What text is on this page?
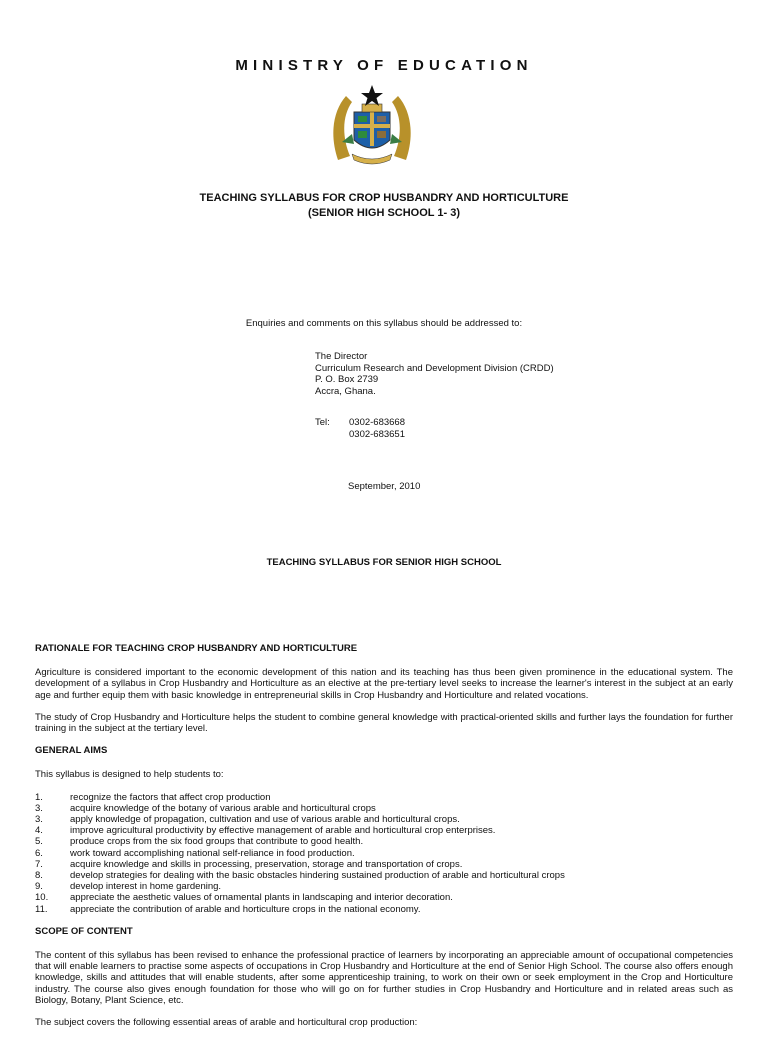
MINISTRY OF EDUCATION
TEACHING SYLLABUS FOR CROP HUSBANDRY AND HORTICULTURE
(SENIOR HIGH SCHOOL 1- 3)
Enquiries and comments on this syllabus should be addressed to:
The Director
Curriculum Research and Development Division (CRDD)
P. O. Box 2739
Accra, Ghana.
Tel: 0302-683668
0302-683651
September, 2010
TEACHING SYLLABUS FOR SENIOR HIGH SCHOOL
RATIONALE FOR TEACHING CROP HUSBANDRY AND HORTICULTURE

Agriculture is considered important to the economic development of this nation and its teaching has thus been given prominence in the educational system. The development of a syllabus in Crop Husbandry and Horticulture as an elective at the pre-tertiary level seeks to increase the learner's interest in the subject at an early age and further equip them with basic knowledge in entrepreneurial skills in Crop Husbandry and Horticulture and related vocations.

The study of Crop Husbandry and Horticulture helps the student to combine general knowledge with practical-oriented skills and further lays the foundation for further training in the subject at the tertiary level.

GENERAL AIMS

This syllabus is designed to help students to:

1.	recognize the factors that affect crop production
3.	acquire knowledge of the botany of various arable and horticultural crops
3.	apply knowledge of propagation, cultivation and use of various arable and horticultural crops.
4.	improve agricultural productivity by effective management of arable and horticultural crop enterprises.
5.	produce crops from the six food groups that contribute to good health.
6.	work toward accomplishing national self-reliance in food production.
7.	acquire knowledge and skills in processing, preservation, storage and transportation of crops.
8.	develop strategies for dealing with the basic obstacles hindering sustained production of arable and horticultural crops
9.	develop interest in home gardening.
10.	appreciate the aesthetic values of ornamental plants in landscaping and interior decoration.
11.	appreciate the contribution of arable and horticulture crops in the national economy.
SCOPE OF CONTENT

The content of this syllabus has been revised to enhance the professional practice of learners by incorporating an appreciable amount of occupational competencies that will enable learners to practise some aspects of occupations in Crop Husbandry and Horticulture at the end of Senior High School. The course also offers enough knowledge, skills and attitudes that will enable students, after some apprenticeship training, to work on their own or seek employment in the Crop and Horticulture industry. The course also gives enough foundation for those who will go on for further studies in Crop Husbandry and Horticulture and in related areas such as Biology, Botany, Plant Science, etc.

The subject covers the following essential areas of arable and horticultural crop production:
